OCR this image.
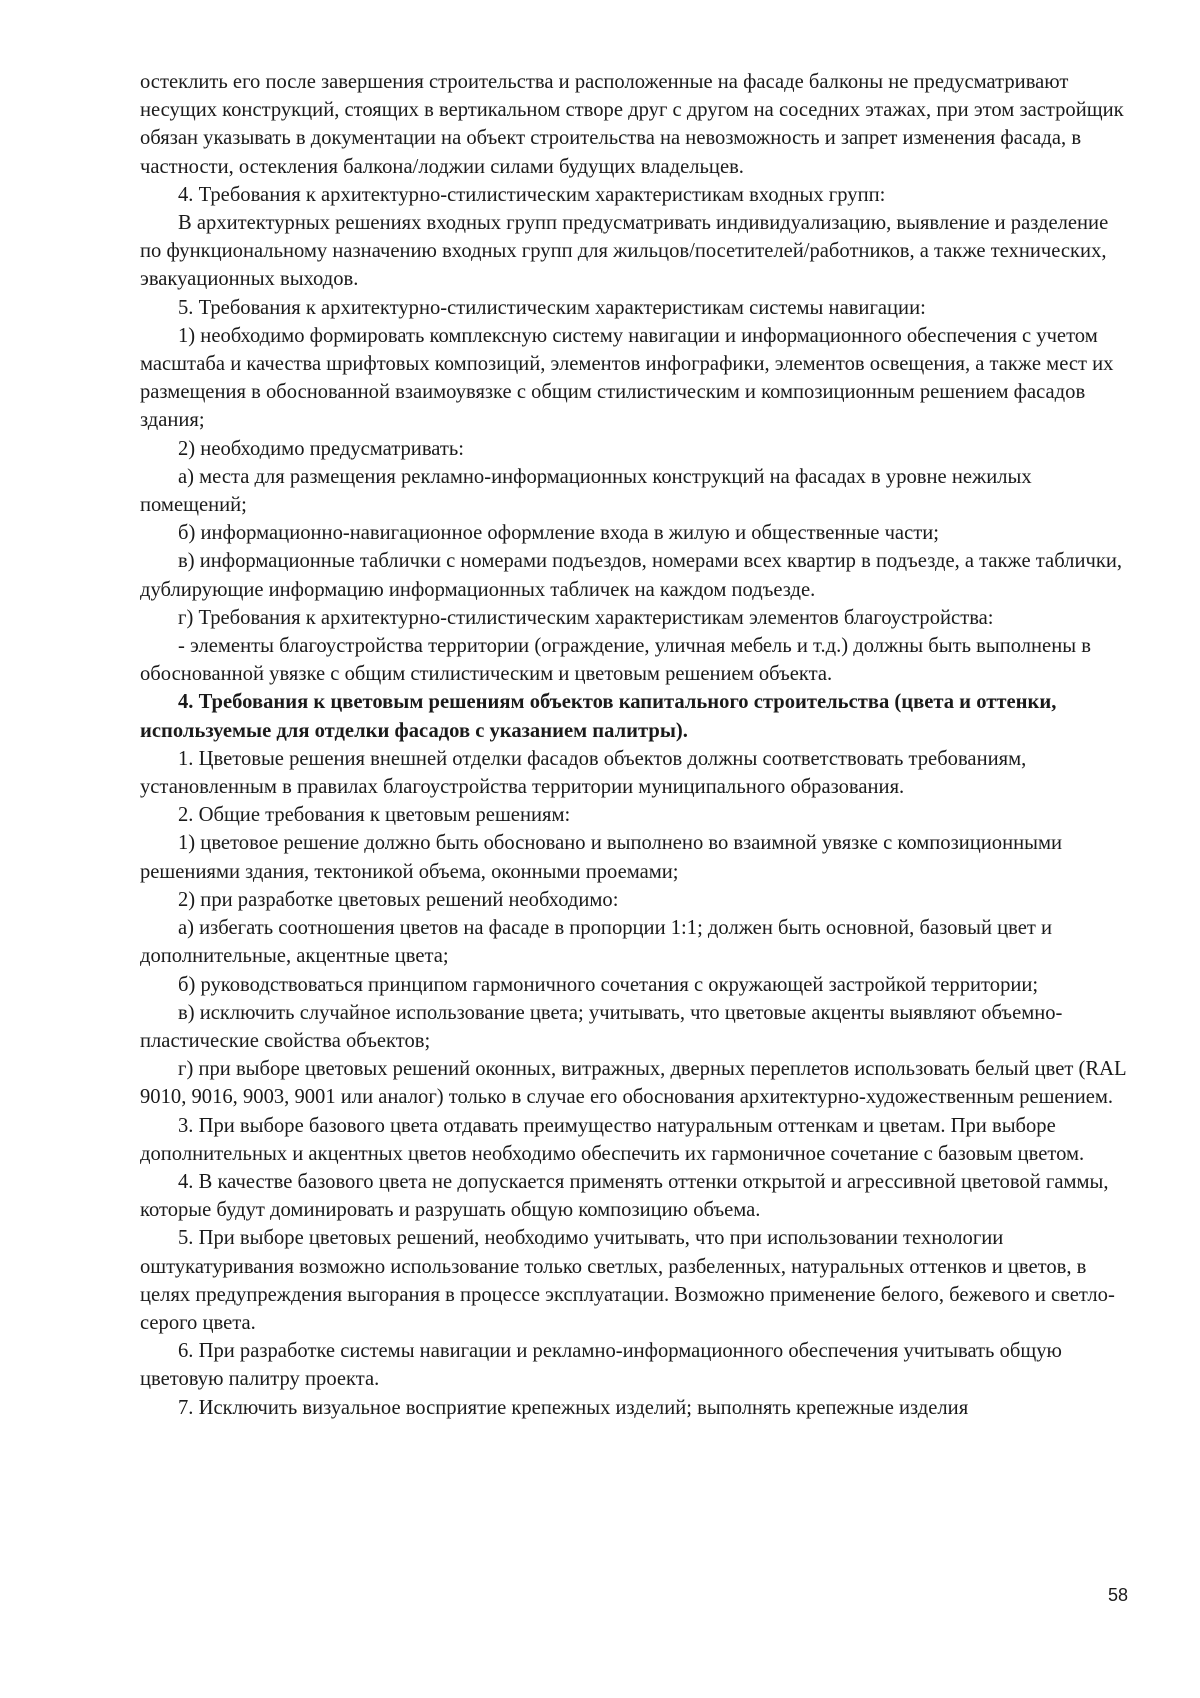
остеклить его после завершения строительства и расположенные на фасаде балконы не предусматривают несущих конструкций, стоящих в вертикальном створе друг с другом на соседних этажах, при этом застройщик обязан указывать в документации на объект строительства на невозможность и запрет изменения фасада, в частности, остекления балкона/лоджии силами будущих владельцев.

4. Требования к архитектурно-стилистическим характеристикам входных групп:

В архитектурных решениях входных групп предусматривать индивидуализацию, выявление и разделение по функциональному назначению входных групп для жильцов/посетителей/работников, а также технических, эвакуационных выходов.

5. Требования к архитектурно-стилистическим характеристикам системы навигации:

1) необходимо формировать комплексную систему навигации и информационного обеспечения с учетом масштаба и качества шрифтовых композиций, элементов инфографики, элементов освещения, а также мест их размещения в обоснованной взаимоувязке с общим стилистическим и композиционным решением фасадов здания;

2) необходимо предусматривать:

а) места для размещения рекламно-информационных конструкций на фасадах в уровне нежилых помещений;

б) информационно-навигационное оформление входа в жилую и общественные части;

в) информационные таблички с номерами подъездов, номерами всех квартир в подъезде, а также таблички, дублирующие информацию информационных табличек на каждом подъезде.

г) Требования к архитектурно-стилистическим характеристикам элементов благоустройства:

- элементы благоустройства территории (ограждение, уличная мебель и т.д.) должны быть выполнены в обоснованной увязке с общим стилистическим и цветовым решением объекта.

4. Требования к цветовым решениям объектов капитального строительства (цвета и оттенки, используемые для отделки фасадов с указанием палитры).

1. Цветовые решения внешней отделки фасадов объектов должны соответствовать требованиям, установленным в правилах благоустройства территории муниципального образования.

2. Общие требования к цветовым решениям:

1) цветовое решение должно быть обосновано и выполнено во взаимной увязке с композиционными решениями здания, тектоникой объема, оконными проемами;

2) при разработке цветовых решений необходимо:

а) избегать соотношения цветов на фасаде в пропорции 1:1; должен быть основной, базовый цвет и дополнительные, акцентные цвета;

б) руководствоваться принципом гармоничного сочетания с окружающей застройкой территории;

в) исключить случайное использование цвета; учитывать, что цветовые акценты выявляют объемно-пластические свойства объектов;

г) при выборе цветовых решений оконных, витражных, дверных переплетов использовать белый цвет (RAL 9010, 9016, 9003, 9001 или аналог) только в случае его обоснования архитектурно-художественным решением.

3. При выборе базового цвета отдавать преимущество натуральным оттенкам и цветам. При выборе дополнительных и акцентных цветов необходимо обеспечить их гармоничное сочетание с базовым цветом.

4. В качестве базового цвета не допускается применять оттенки открытой и агрессивной цветовой гаммы, которые будут доминировать и разрушать общую композицию объема.

5. При выборе цветовых решений, необходимо учитывать, что при использовании технологии оштукатуривания возможно использование только светлых, разбеленных, натуральных оттенков и цветов, в целях предупреждения выгорания в процессе эксплуатации. Возможно применение белого, бежевого и светло-серого цвета.

6. При разработке системы навигации и рекламно-информационного обеспечения учитывать общую цветовую палитру проекта.

7. Исключить визуальное восприятие крепежных изделий; выполнять крепежные изделия

58
